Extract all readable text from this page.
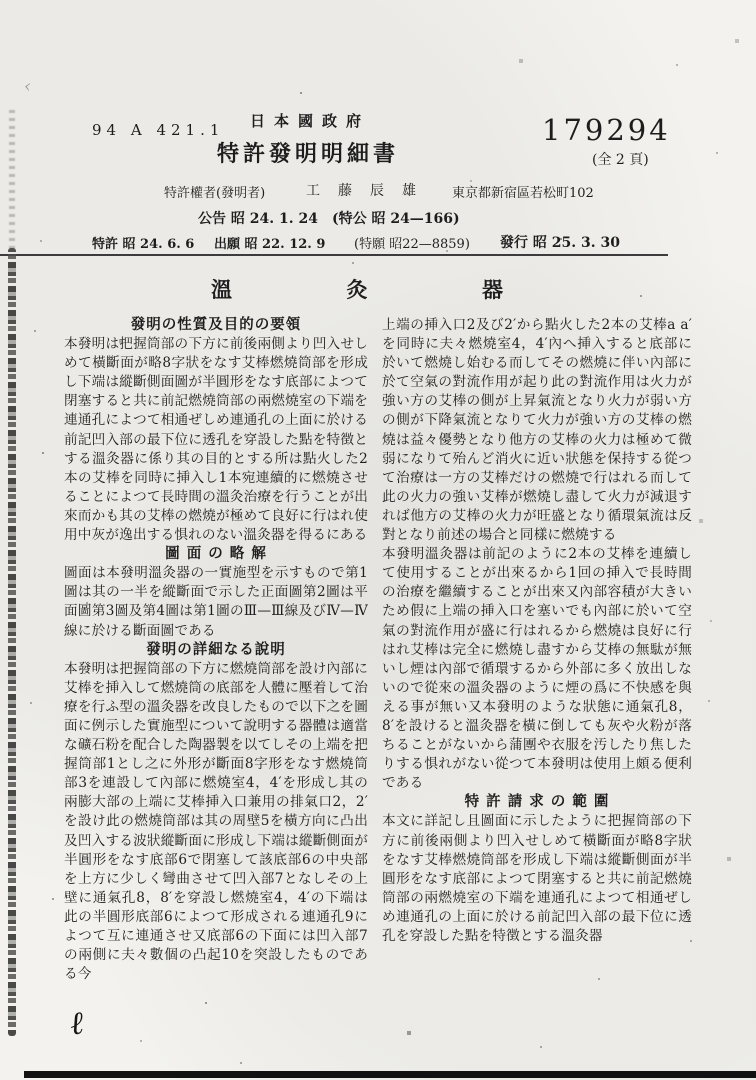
94 A 421.1	日本國政府
特許發明明細書
179294
(全 2 頁)
特許權者(發明者)	工藤辰雄 東京都新宿區若松町102
公告 昭 24. 1. 24　(特公 昭 24—166)
特許 昭 24. 6. 6 出願 昭 22. 12. 9 (特願 昭22—8859) 發行 昭 25. 3. 30
溫	灸	器
發明の性質及目的の要領

本發明は把握筒部の下方に前後兩側より凹入せしめて橫斷面が略8字狀をなす艾棒燃燒筒部を形成し下端は縱斷側面圖が半圓形をなす底部によつて閉塞すると共に前記燃燒筒部の兩燃燒室の下端を連通孔によつて相通ぜしめ連通孔の上面に於ける前記凹入部の最下位に透孔を穿設した點を特徴とする溫灸器に係り其の目的とする所は點火した2本の艾棒を同時に挿入し1本宛連續的に燃燒させることによつて長時間の溫灸治療を行うことが出來而かも其の艾棒の燃燒が極めて良好に行はれ使用中灰が逸出する惧れのない溫灸器を得るにある

圖 面 の 略 解

圖面は本發明溫灸器の一實施型を示すもので第1圖は其の一半を縱斷面で示した正面圖第2圖は平面圖第3圖及第4圖は第1圖のⅢ—Ⅲ線及びⅣ—Ⅳ線に於ける斷面圖である

發明の詳細なる說明

本發明は把握筒部の下方に燃燒筒部を設け內部に艾棒を挿入して燃燒筒の底部を人體に壓着して治療を行ふ型の溫灸器を改良したもので以下之を圖面に例示した實施型について說明する器體は適當な礦石粉を配合した陶器製を以てしその上端を把握筒部1とし之に外形が斷面8字形をなす燃燒筒部3を連設して內部に燃燒室4，4′を形成し其の兩膨大部の上端に艾棒挿入口兼用の排氣口2，2′を設け此の燃燒筒部は其の周壁5を橫方向に凸出及凹入する波狀縱斷面に形成し下端は縱斷側面が半圓形をなす底部6で閉塞して該底部6の中央部を上方に少しく彎曲させて凹入部7となしその上壁に通氣孔8，8′を穿設し燃燒室4，4′の下端は此の半圓形底部6によつて形成される連通孔9によつて互に連通させ又底部6の下面には凹入部7の兩側に夫々數個の凸起10を突設したものである今

上端の挿入口2及び2′から點火した2本の艾棒a a′を同時に夫々燃燒室4，4′內へ挿入すると底部に於いて燃燒し始むる而してその燃燒に伴い內部に於て空氣の對流作用が起り此の對流作用は火力が強い方の艾棒の側が上昇氣流となり火力が弱い方の側が下降氣流となりて火力が強い方の艾棒の燃燒は益々優勢となり他方の艾棒の火力は極めて微弱になりて殆んど消火に近い狀態を保持する從つて治療は一方の艾棒だけの燃燒で行はれる而して此の火力の強い艾棒が燃燒し盡して火力が減退すれば他方の艾棒の火力が旺盛となり循環氣流は反對となり前述の場合と同樣に燃燒する

本發明溫灸器は前記のように2本の艾棒を連續して使用することが出來るから1回の挿入で長時間の治療を繼續することが出來又內部容積が大きいため假に上端の挿入口を塞いでも內部に於いて空氣の對流作用が盛に行はれるから燃燒は良好に行はれ艾棒は完全に燃燒し盡すから艾棒の無駄が無いし煙は內部で循環するから外部に多く放出しないので從來の溫灸器のように煙の爲に不快感を與える事が無い又本發明のような狀態に通氣孔8，8′を設けると溫灸器を橫に倒しても灰や火粉が落ちることがないから蒲團や衣服を汚したり焦したりする惧れがない從つて本發明は使用上頗る便利である

特 許 請 求 の 範 圍

本文に詳記し且圖面に示したように把握筒部の下方に前後兩側より凹入せしめて橫斷面が略8字狀をなす艾棒燃燒筒部を形成し下端は縱斷側面が半圓形をなす底部によつて閉塞すると共に前記燃燒筒部の兩燃燒室の下端を連通孔によつて相通ぜしめ連通孔の上面に於ける前記凹入部の最下位に透孔を穿設した點を特徴とする溫灸器

‹
ℓ
